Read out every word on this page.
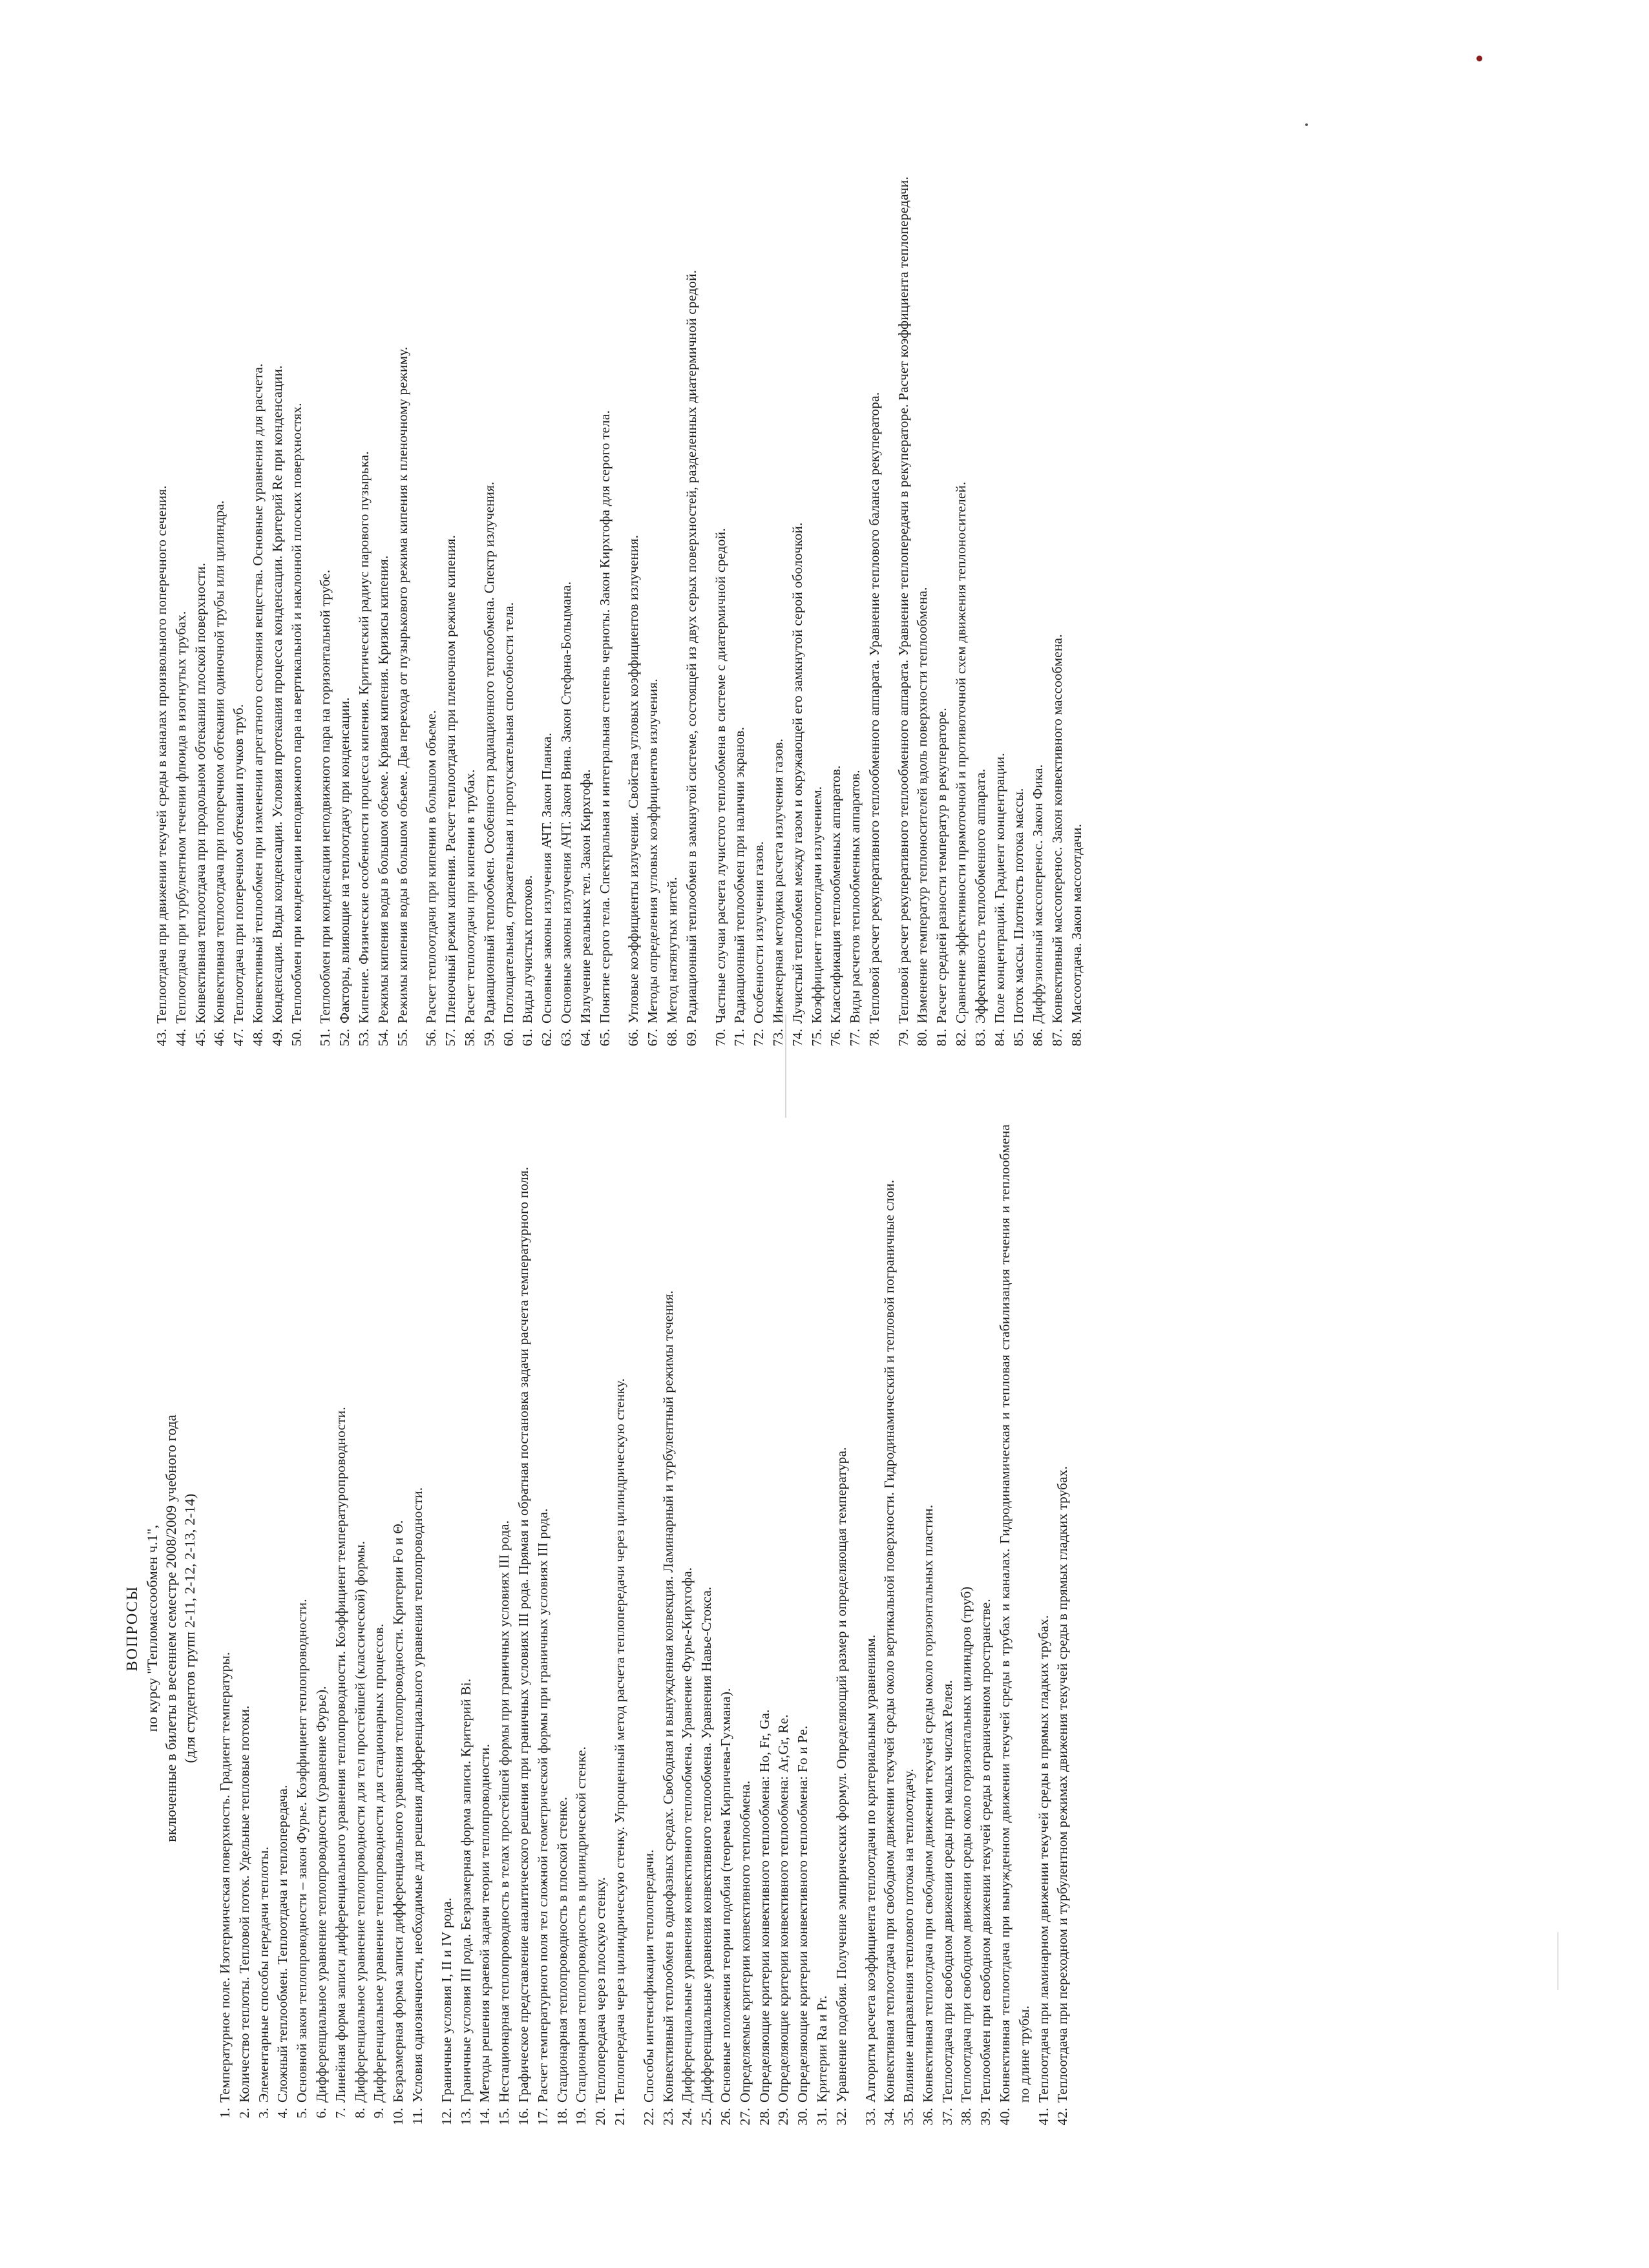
ВОПРОСЫ по курсу "Тепломассообмен ч.1", включенные в билеты в весеннем семестре 2008/2009 учебного года (для студентов групп 2-11, 2-12, 2-13, 2-14)
1.
Температурное поле. Изотермическая поверхность. Градиент температуры.
2.
Количество теплоты. Тепловой поток. Удельные тепловые потоки.
3.
Элементарные способы передачи теплоты.
4.
Сложный теплообмен. Теплоотдача и теплопередача.
5.
Основной закон теплопроводности – закон Фурье. Коэффициент теплопроводности.
6.
Дифференциальное уравнение теплопроводности (уравнение Фурье).
7.
Линейная форма записи дифференциального уравнения теплопроводности. Коэффициент температуропроводности.
8.
Дифференциальное уравнение теплопроводности для тел простейшей (классической) формы.
9.
Дифференциальное уравнение теплопроводности для стационарных процессов.
10.
Безразмерная форма записи дифференциального уравнения теплопроводности. Критерии Fo и Θ.
11.
Условия однозначности, необходимые для решения дифференциального уравнения теплопроводности.
12.
Граничные условия I, II и IV рода.
13.
Граничные условия III рода. Безразмерная форма записи. Критерий Bi.
14.
Методы решения краевой задачи теории теплопроводности.
15.
Нестационарная теплопроводность в телах простейшей формы при граничных условиях III рода.
16.
Графическое представление аналитического решения при граничных условиях III рода. Прямая и обратная постановка задачи расчета температурного поля.
17.
Расчет температурного поля тел сложной геометрической формы при граничных условиях III рода.
18.
Стационарная теплопроводность в плоской стенке.
19.
Стационарная теплопроводность в цилиндрической стенке.
20.
Теплопередача через плоскую стенку.
21.
Теплопередача через цилиндрическую стенку. Упрощенный метод расчета теплопередачи через цилиндрическую стенку.
22.
Способы интенсификации теплопередачи.
23.
Конвективный теплообмен в однофазных средах. Свободная и вынужденная конвекция. Ламинарный и турбулентный режимы течения.
24.
Дифференциальные уравнения конвективного теплообмена. Уравнение Фурье-Кирхгофа.
25.
Дифференциальные уравнения конвективного теплообмена. Уравнения Навье-Стокса.
26.
Основные положения теории подобия (теорема Кирпичева-Гухмана).
27.
Определяемые критерии конвективного теплообмена.
28.
Определяющие критерии конвективного теплообмена: Ho, Fr, Ga.
29.
Определяющие критерии конвективного теплообмена: Ar,Gr, Re.
30.
Определяющие критерии конвективного теплообмена: Fo и Pe.
31.
Критерии Ra и Pr.
32.
Уравнение подобия. Получение эмпирических формул. Определяющий размер и определяющая температура.
33.
Алгоритм расчета коэффициента теплоотдачи по критериальным уравнениям.
34.
Конвективная теплоотдача при свободном движении текучей среды около вертикальной поверхности. Гидродинамический и тепловой пограничные слои.
35.
Влияние направления теплового потока на теплоотдачу.
36.
Конвективная теплоотдача при свободном движении текучей среды около горизонтальных пластин.
37.
Теплоотдача при свободном движении среды при малых числах Релея.
38.
Теплоотдача при свободном движении среды около горизонтальных цилиндров (труб)
39.
Теплообмен при свободном движении текучей среды в ограниченном пространстве.
40.
Конвективная теплоотдача при вынужденном движении текучей среды в трубах и каналах. Гидродинамическая и тепловая стабилизация течения и теплообмена по длине трубы.
41.
Теплоотдача при ламинарном движении текучей среды в прямых гладких трубах.
42.
Теплоотдача при переходном и турбулентном режимах движения текучей среды в прямых гладких трубах.
43.
Теплоотдача при движении текучей среды в каналах произвольного поперечного сечения.
44.
Теплоотдача при турбулентном течении флюида в изогнутых трубах.
45.
Конвективная теплоотдача при продольном обтекании плоской поверхности.
46.
Конвективная теплоотдача при поперечном обтекании одиночной трубы или цилиндра.
47.
Теплоотдача при поперечном обтекании пучков труб.
48.
Конвективный теплообмен при изменении агрегатного состояния вещества. Основные уравнения для расчета.
49.
Конденсация. Виды конденсации. Условия протекания процесса конденсации. Критерий Re при конденсации.
50.
Теплообмен при конденсации неподвижного пара на вертикальной и наклонной плоских поверхностях.
51.
Теплообмен при конденсации неподвижного пара на горизонтальной трубе.
52.
Факторы, влияющие на теплоотдачу при конденсации.
53.
Кипение. Физические особенности процесса кипения. Критический радиус парового пузырька.
54.
Режимы кипения воды в большом объеме. Кривая кипения. Кризисы кипения.
55.
Режимы кипения воды в большом объеме. Два перехода от пузырькового режима кипения к пленочному режиму.
56.
Расчет теплоотдачи при кипении в большом объеме.
57.
Пленочный режим кипения. Расчет теплоотдачи при пленочном режиме кипения.
58.
Расчет теплоотдачи при кипении в трубах.
59.
Радиационный теплообмен. Особенности радиационного теплообмена. Спектр излучения.
60.
Поглощательная, отражательная и пропускательная способности тела.
61.
Виды лучистых потоков.
62.
Основные законы излучения АЧТ. Закон Планка.
63.
Основные законы излучения АЧТ. Закон Вина. Закон Стефана-Больцмана.
64.
Излучение реальных тел. Закон Кирхгофа.
65.
Понятие серого тела. Спектральная и интегральная степень черноты. Закон Кирхгофа для серого тела.
66.
Угловые коэффициенты излучения. Свойства угловых коэффициентов излучения.
67.
Методы определения угловых коэффициентов излучения.
68.
Метод натянутых нитей.
69.
Радиационный теплообмен в замкнутой системе, состоящей из двух серых поверхностей, разделенных диатермичной средой.
70.
Частные случаи расчета лучистого теплообмена в системе с диатермичной средой.
71.
Радиационный теплообмен при наличии экранов.
72.
Особенности излучения газов.
73.
Инженерная методика расчета излучения газов.
74.
Лучистый теплообмен между газом и окружающей его замкнутой серой оболочкой.
75.
Коэффициент теплоотдачи излучением.
76.
Классификация теплообменных аппаратов.
77.
Виды расчетов теплообменных аппаратов.
78.
Тепловой расчет рекуперативного теплообменного аппарата. Уравнение теплового баланса рекуператора.
79.
Тепловой расчет рекуперативного теплообменного аппарата. Уравнение теплопередачи в рекуператоре. Расчет коэффициента теплопередачи.
80.
Изменение температур теплоносителей вдоль поверхности теплообмена.
81.
Расчет средней разности температур в рекуператоре.
82.
Сравнение эффективности прямоточной и противоточной схем движения теплоносителей.
83.
Эффективность теплообменного аппарата.
84.
Поле концентраций. Градиент концентрации.
85.
Поток массы. Плотность потока массы.
86.
Диффузионный массоперенос. Закон Фика.
87.
Конвективный массоперенос. Закон конвективного массообмена.
88.
Массоотдача. Закон массоотдачи.
